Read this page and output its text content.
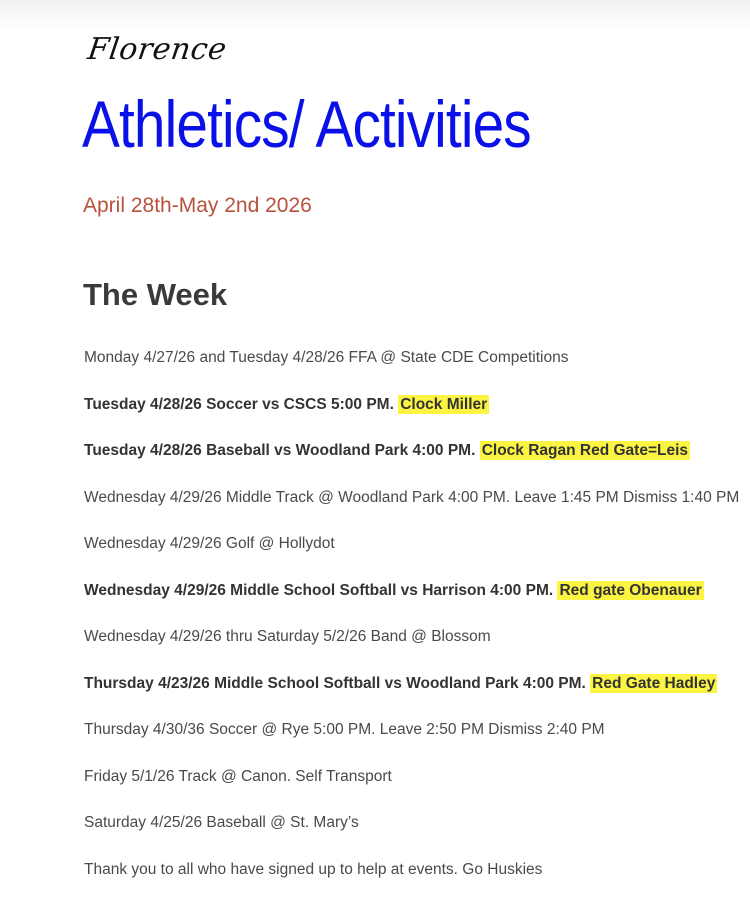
Florence
Athletics/ Activities
April 28th-May 2nd 2026
The Week
Monday 4/27/26 and Tuesday 4/28/26 FFA @ State CDE Competitions
Tuesday 4/28/26 Soccer vs CSCS 5:00 PM. Clock Miller
Tuesday 4/28/26 Baseball vs Woodland Park 4:00 PM. Clock Ragan Red Gate=Leis
Wednesday 4/29/26 Middle Track @ Woodland Park 4:00 PM. Leave 1:45 PM Dismiss 1:40 PM
Wednesday 4/29/26 Golf @ Hollydot
Wednesday 4/29/26 Middle School Softball vs Harrison 4:00 PM. Red gate Obenauer
Wednesday 4/29/26 thru Saturday 5/2/26 Band @ Blossom
Thursday 4/23/26 Middle School Softball vs Woodland Park 4:00 PM. Red Gate Hadley
Thursday 4/30/36 Soccer @ Rye 5:00 PM. Leave 2:50 PM Dismiss 2:40 PM
Friday 5/1/26 Track @ Canon. Self Transport
Saturday 4/25/26 Baseball @ St. Mary’s
Thank you to all who have signed up to help at events. Go Huskies
